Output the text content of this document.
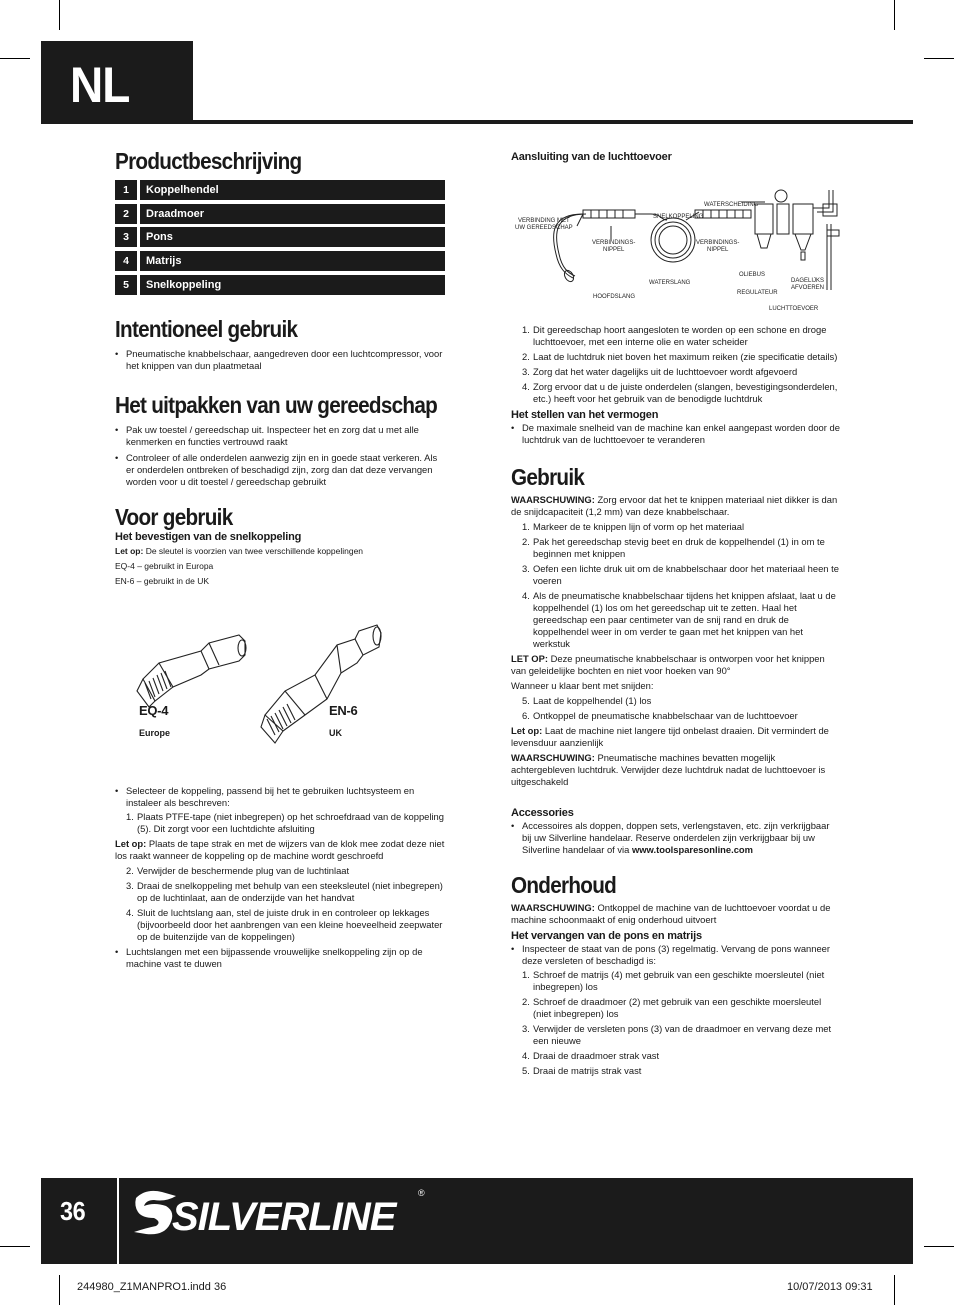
NL
Productbeschrijving
1	Koppelhendel
2	Draadmoer
3	Pons
4	Matrijs
5	Snelkoppeling
Intentioneel gebruik
• Pneumatische knabbelschaar, aangedreven door een luchtcompressor, voor het knippen van dun plaatmetaal
Het uitpakken van uw gereedschap
• Pak uw toestel / gereedschap uit. Inspecteer het en zorg dat u met alle kenmerken en functies vertrouwd raakt
• Controleer of alle onderdelen aanwezig zijn en in goede staat verkeren. Als er onderdelen ontbreken of beschadigd zijn, zorg dan dat deze vervangen worden voor u dit toestel / gereedschap gebruikt
Voor gebruik
Het bevestigen van de snelkoppeling

Let op: De sleutel is voorzien van twee verschillende koppelingen

EQ-4 – gebruikt in Europa

EN-6 – gebruikt in de UK

EQ-4
Europe
EN-6
UK
• Selecteer de koppeling, passend bij het te gebruiken luchtsysteem en instaleer als beschreven:
1. Plaats PTFE-tape (niet inbegrepen) op het schroefdraad van de koppeling (5). Dit zorgt voor een luchtdichte afsluiting

Let op: Plaats de tape strak en met de wijzers van de klok mee zodat deze niet los raakt wanneer de koppeling op de machine wordt geschroefd

2. Verwijder de beschermende plug van de luchtinlaat
3. Draai de snelkoppeling met behulp van een steeksleutel (niet inbegrepen) op de luchtinlaat, aan de onderzijde van het handvat
4. Sluit de luchtslang aan, stel de juiste druk in en controleer op lekkages (bijvoorbeeld door het aanbrengen van een kleine hoeveelheid zeepwater op de buitenzijde van de koppelingen)
• Luchtslangen met een bijpassende vrouwelijke snelkoppeling zijn op de machine vast te duwen
Aansluiting van de luchttoevoer
VERBINDING MET
UW GEREEDSCHAP
SNELKOPPELING
WATERSCHEIDING
VERBINDINGS-
NIPPEL
VERBINDINGS-
NIPPEL
OLIEBUS
DAGELIJKS
AFVOEREN
WATERSLANG
REGULATEUR
HOOFDSLANG
LUCHTTOEVOER
1. Dit gereedschap hoort aangesloten te worden op een schone en droge luchttoevoer, met een interne olie en water scheider
2. Laat de luchtdruk niet boven het maximum reiken (zie specificatie details)
3. Zorg dat het water dagelijks uit de luchttoevoer wordt afgevoerd
4. Zorg ervoor dat u de juiste onderdelen (slangen, bevestigingsonderdelen, etc.) heeft voor het gebruik van de benodigde luchtdruk
Het stellen van het vermogen
• De maximale snelheid van de machine kan enkel aangepast worden door de luchtdruk van de luchttoevoer te veranderen
Gebruik

WAARSCHUWING: Zorg ervoor dat het te knippen materiaal niet dikker is dan de snijdcapaciteit (1,2 mm) van deze knabbelschaar.

1. Markeer de te knippen lijn of vorm op het materiaal
2. Pak het gereedschap stevig beet en druk de koppelhendel (1) in om te beginnen met knippen
3. Oefen een lichte druk uit om de knabbelschaar door het materiaal heen te voeren
4. Als de pneumatische knabbelschaar tijdens het knippen afslaat, laat u de koppelhendel (1) los om het gereedschap uit te zetten. Haal het gereedschap een paar centimeter van de snij rand en druk de koppelhendel weer in om verder te gaan met het knippen van het werkstuk

LET OP: Deze pneumatische knabbelschaar is ontworpen voor het knippen van geleidelijke bochten en niet voor hoeken van 90°

Wanneer u klaar bent met snijden:

5. Laat de koppelhendel (1) los
6. Ontkoppel de pneumatische knabbelschaar van de luchttoevoer

Let op: Laat de machine niet langere tijd onbelast draaien. Dit vermindert de levensduur aanzienlijk

WAARSCHUWING: Pneumatische machines bevatten mogelijk achtergebleven luchtdruk. Verwijder deze luchtdruk nadat de luchttoevoer is uitgeschakeld

Accessories
• Accessoires als doppen, doppen sets, verlengstaven, etc. zijn verkrijgbaar bij uw Silverline handelaar. Reserve onderdelen zijn verkrijgbaar bij uw Silverline handelaar of via www.toolsparesonline.com
Onderhoud

WAARSCHUWING: Ontkoppel de machine van de luchttoevoer voordat u de machine schoonmaakt of enig onderhoud uitvoert

Het vervangen van de pons en matrijs
• Inspecteer de staat van de pons (3) regelmatig. Vervang de pons wanneer deze versleten of beschadigd is:
1. Schroef de matrijs (4) met gebruik van een geschikte moersleutel (niet inbegrepen) los
2. Schroef de draadmoer (2) met gebruik van een geschikte moersleutel (niet inbegrepen) los
3. Verwijder de versleten pons (3) van de draadmoer en vervang deze met een nieuwe
4. Draai de draadmoer strak vast
5. Draai de matrijs strak vast
36 SILVERLINE
®
244980_Z1MANPRO1.indd 36	10/07/2013 09:31
